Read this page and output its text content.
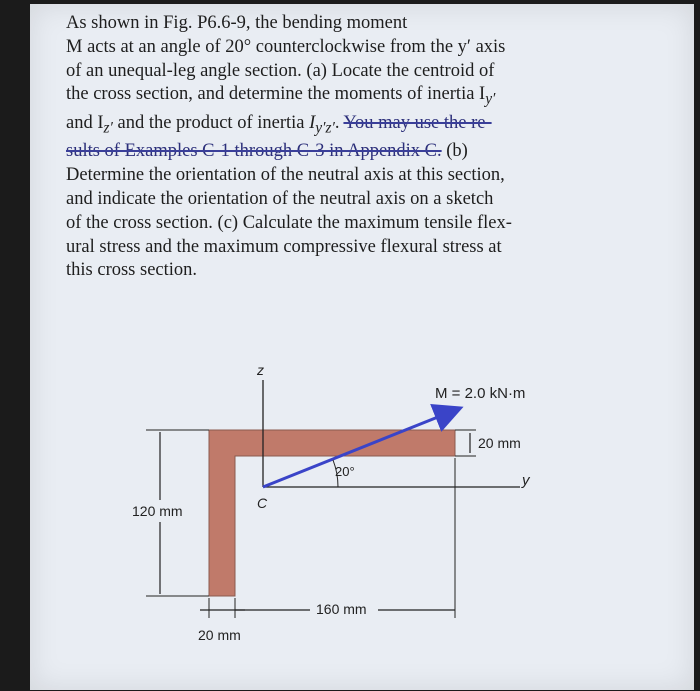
As shown in Fig. P6.6-9, the bending moment
M acts at an angle of 20° counterclockwise from the y′ axis
of an unequal-leg angle section. (a) Locate the centroid of
the cross section, and determine the moments of inertia $I_{y'}$
and $I_{z'}$ and the product of inertia $I_{y'z'}$. You may use the re-
sults of Examples C-1 through C-3 in Appendix C. (b)
Determine the orientation of the neutral axis at this section,
and indicate the orientation of the neutral axis on a sketch
of the cross section. (c) Calculate the maximum tensile flex-
ural stress and the maximum compressive flexural stress at
this cross section.

z
y
C
M = 2.0 kN·m
20°
20 mm
120 mm
160 mm
20 mm
